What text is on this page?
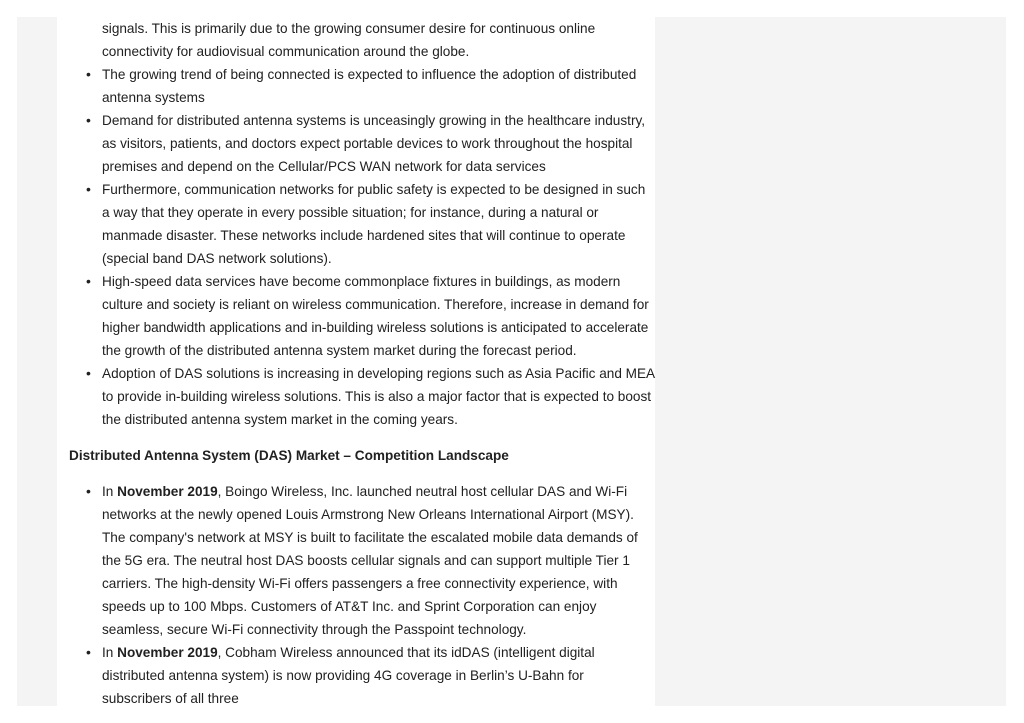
signals. This is primarily due to the growing consumer desire for continuous online connectivity for audiovisual communication around the globe.
• The growing trend of being connected is expected to influence the adoption of distributed antenna systems
• Demand for distributed antenna systems is unceasingly growing in the healthcare industry, as visitors, patients, and doctors expect portable devices to work throughout the hospital premises and depend on the Cellular/PCS WAN network for data services
• Furthermore, communication networks for public safety is expected to be designed in such a way that they operate in every possible situation; for instance, during a natural or manmade disaster. These networks include hardened sites that will continue to operate (special band DAS network solutions).
• High-speed data services have become commonplace fixtures in buildings, as modern culture and society is reliant on wireless communication. Therefore, increase in demand for higher bandwidth applications and in-building wireless solutions is anticipated to accelerate the growth of the distributed antenna system market during the forecast period.
• Adoption of DAS solutions is increasing in developing regions such as Asia Pacific and MEA to provide in-building wireless solutions. This is also a major factor that is expected to boost the distributed antenna system market in the coming years.
Distributed Antenna System (DAS) Market – Competition Landscape
• In November 2019, Boingo Wireless, Inc. launched neutral host cellular DAS and Wi-Fi networks at the newly opened Louis Armstrong New Orleans International Airport (MSY). The company's network at MSY is built to facilitate the escalated mobile data demands of the 5G era. The neutral host DAS boosts cellular signals and can support multiple Tier 1 carriers. The high-density Wi-Fi offers passengers a free connectivity experience, with speeds up to 100 Mbps. Customers of AT&T Inc. and Sprint Corporation can enjoy seamless, secure Wi-Fi connectivity through the Passpoint technology.
• In November 2019, Cobham Wireless announced that its idDAS (intelligent digital distributed antenna system) is now providing 4G coverage in Berlin’s U-Bahn for subscribers of all three
